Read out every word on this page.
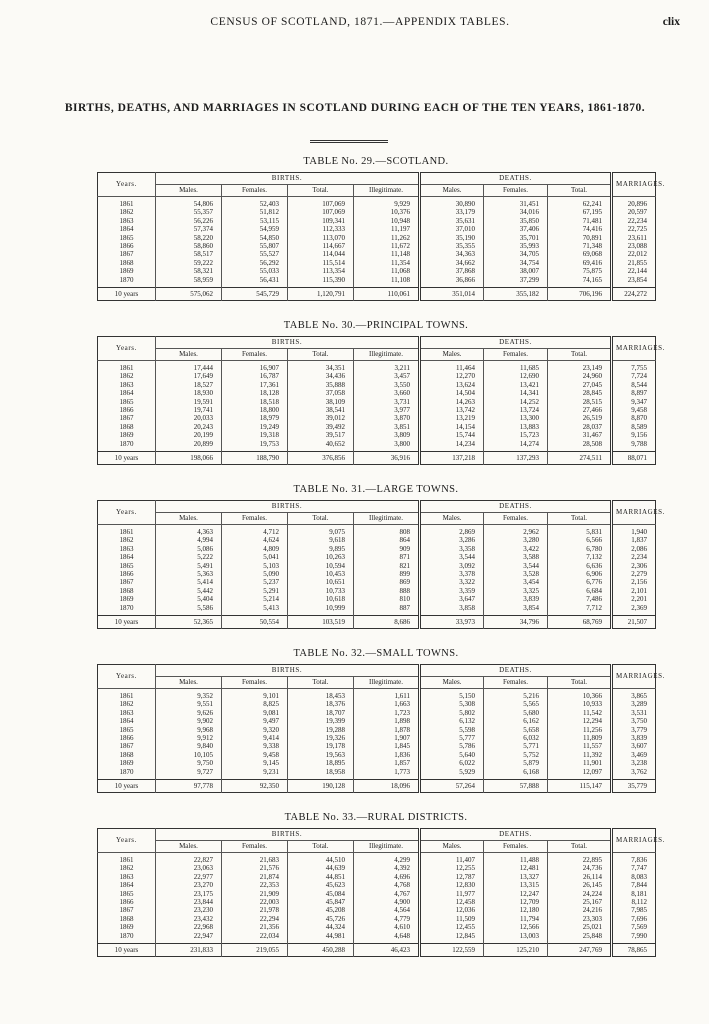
CENSUS OF SCOTLAND, 1871.—APPENDIX TABLES.	clix
BIRTHS, DEATHS, AND MARRIAGES IN SCOTLAND DURING EACH OF THE TEN YEARS, 1861-1870.
TABLE No. 29.—SCOTLAND.
Years.	BIRTHS.				DEATHS.			MARRIAGES.
	Males.	Females.	Total.	Illegitimate.	Males.	Females.	Total.	
1861	54,806	52,403	107,069	9,929	30,890	31,451	62,241	20,896
1862	55,357	51,812	107,069	10,376	33,179	34,016	67,195	20,597
1863	56,226	53,115	109,341	10,948	35,631	35,850	71,481	22,234
1864	57,374	54,959	112,333	11,197	37,010	37,406	74,416	22,725
1865	58,220	54,850	113,070	11,262	35,190	35,701	70,891	23,611
1866	58,860	55,807	114,667	11,672	35,355	35,993	71,348	23,088
1867	58,517	55,527	114,044	11,148	34,363	34,705	69,068	22,012
1868	59,222	56,292	115,514	11,354	34,662	34,754	69,416	21,855
1869	58,321	55,033	113,354	11,068	37,868	38,007	75,875	22,144
1870	58,959	56,431	115,390	11,108	36,866	37,299	74,165	23,854
10 years	575,062	545,729	1,120,791	110,061	351,014	355,182	706,196	224,272
TABLE No. 30.—PRINCIPAL TOWNS.
Years.	BIRTHS.				DEATHS.			MARRIAGES.
	Males.	Females.	Total.	Illegitimate.	Males.	Females.	Total.	
1861	17,444	16,907	34,351	3,211	11,464	11,685	23,149	7,755
1862	17,649	16,787	34,436	3,457	12,270	12,690	24,960	7,724
1863	18,527	17,361	35,888	3,550	13,624	13,421	27,045	8,544
1864	18,930	18,128	37,058	3,660	14,504	14,341	28,845	8,897
1865	19,591	18,518	38,109	3,731	14,263	14,252	28,515	9,347
1866	19,741	18,800	38,541	3,977	13,742	13,724	27,466	9,458
1867	20,033	18,979	39,012	3,870	13,219	13,300	26,519	8,870
1868	20,243	19,249	39,492	3,851	14,154	13,883	28,037	8,589
1869	20,199	19,318	39,517	3,809	15,744	15,723	31,467	9,156
1870	20,899	19,753	40,652	3,800	14,234	14,274	28,508	9,788
10 years	198,066	188,790	376,856	36,916	137,218	137,293	274,511	88,071
TABLE No. 31.—LARGE TOWNS.
Years.	BIRTHS.				DEATHS.			MARRIAGES.
	Males.	Females.	Total.	Illegitimate.	Males.	Females.	Total.	
1861	4,363	4,712	9,075	808	2,869	2,962	5,831	1,940
1862	4,994	4,624	9,618	864	3,286	3,280	6,566	1,837
1863	5,086	4,809	9,895	909	3,358	3,422	6,780	2,086
1864	5,222	5,041	10,263	871	3,544	3,588	7,132	2,234
1865	5,491	5,103	10,594	821	3,092	3,544	6,636	2,306
1866	5,363	5,090	10,453	899	3,378	3,528	6,906	2,279
1867	5,414	5,237	10,651	869	3,322	3,454	6,776	2,156
1868	5,442	5,291	10,733	888	3,359	3,325	6,684	2,101
1869	5,404	5,214	10,618	810	3,647	3,839	7,486	2,201
1870	5,586	5,413	10,999	887	3,858	3,854	7,712	2,369
10 years	52,365	50,554	103,519	8,686	33,973	34,796	68,769	21,507
TABLE No. 32.—SMALL TOWNS.
Years.	BIRTHS.				DEATHS.			MARRIAGES.
	Males.	Females.	Total.	Illegitimate.	Males.	Females.	Total.	
1861	9,352	9,101	18,453	1,611	5,150	5,216	10,366	3,865
1862	9,551	8,825	18,376	1,663	5,308	5,565	10,933	3,289
1863	9,626	9,081	18,707	1,723	5,802	5,680	11,542	3,531
1864	9,902	9,497	19,399	1,898	6,132	6,162	12,294	3,750
1865	9,968	9,320	19,288	1,878	5,598	5,658	11,256	3,779
1866	9,912	9,414	19,326	1,907	5,777	6,032	11,809	3,839
1867	9,840	9,338	19,178	1,845	5,786	5,771	11,557	3,607
1868	10,105	9,458	19,563	1,836	5,640	5,752	11,392	3,469
1869	9,750	9,145	18,895	1,857	6,022	5,879	11,901	3,238
1870	9,727	9,231	18,958	1,773	5,929	6,168	12,097	3,762
10 years	97,778	92,350	190,128	18,096	57,264	57,888	115,147	35,779
TABLE No. 33.—RURAL DISTRICTS.
Years.	BIRTHS.				DEATHS.			MARRIAGES.
	Males.	Females.	Total.	Illegitimate.	Males.	Females.	Total.	
1861	22,827	21,683	44,510	4,299	11,407	11,488	22,895	7,836
1862	23,063	21,576	44,639	4,392	12,255	12,481	24,736	7,747
1863	22,977	21,874	44,851	4,696	12,787	13,327	26,114	8,083
1864	23,270	22,353	45,623	4,768	12,830	13,315	26,145	7,844
1865	23,175	21,909	45,084	4,767	11,977	12,247	24,224	8,181
1866	23,844	22,003	45,847	4,900	12,458	12,709	25,167	8,112
1867	23,230	21,978	45,208	4,564	12,036	12,180	24,216	7,985
1868	23,432	22,294	45,726	4,779	11,509	11,794	23,303	7,696
1869	22,968	21,356	44,324	4,610	12,455	12,566	25,021	7,569
1870	22,947	22,034	44,981	4,648	12,845	13,003	25,848	7,990
10 years	231,833	219,055	450,288	46,423	122,559	125,210	247,769	78,865
